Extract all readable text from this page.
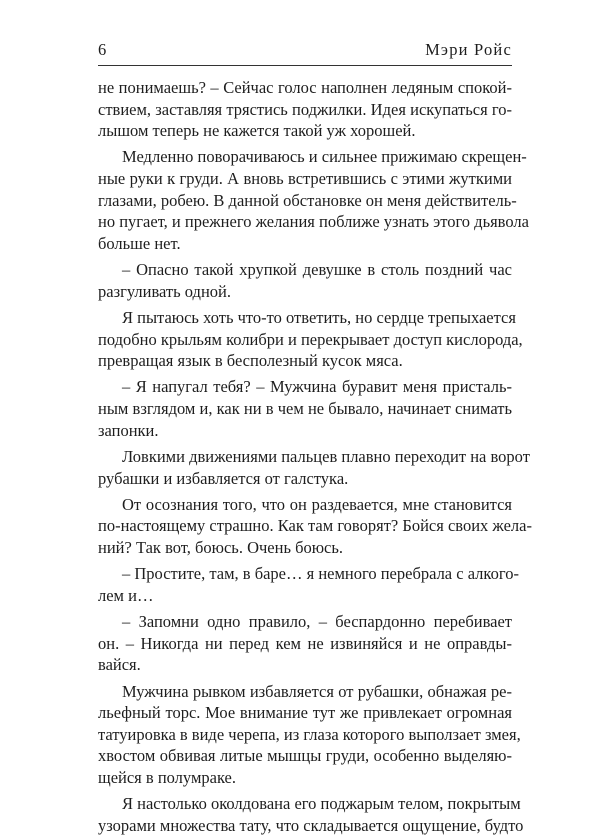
6	Мэри Ройс
не понимаешь? – Сейчас голос наполнен ледяным спокой-
ствием, заставляя трястись поджилки. Идея искупаться го-
лышом теперь не кажется такой уж хорошей.
Медленно поворачиваюсь и сильнее прижимаю скрещен-
ные руки к груди. А вновь встретившись с этими жуткими
глазами, робею. В данной обстановке он меня действитель-
но пугает, и прежнего желания поближе узнать этого дьявола
больше нет.
– Опасно такой хрупкой девушке в столь поздний час
разгуливать одной.
Я пытаюсь хоть что-то ответить, но сердце трепыхается
подобно крыльям колибри и перекрывает доступ кислорода,
превращая язык в бесполезный кусок мяса.
– Я напугал тебя? – Мужчина буравит меня присталь-
ным взглядом и, как ни в чем не бывало, начинает снимать
запонки.
Ловкими движениями пальцев плавно переходит на ворот
рубашки и избавляется от галстука.
От осознания того, что он раздевается, мне становится
по-настоящему страшно. Как там говорят? Бойся своих жела-
ний? Так вот, боюсь. Очень боюсь.
– Простите, там, в баре… я немного перебрала с алкого-
лем и…
– Запомни одно правило, – беспардонно перебивает
он. – Никогда ни перед кем не извиняйся и не оправды-
вайся.
Мужчина рывком избавляется от рубашки, обнажая ре-
льефный торс. Мое внимание тут же привлекает огромная
татуировка в виде черепа, из глаза которого выползает змея,
хвостом обвивая литые мышцы груди, особенно выделяю-
щейся в полумраке.
Я настолько околдована его поджарым телом, покрытым
узорами множества тату, что складывается ощущение, будто
